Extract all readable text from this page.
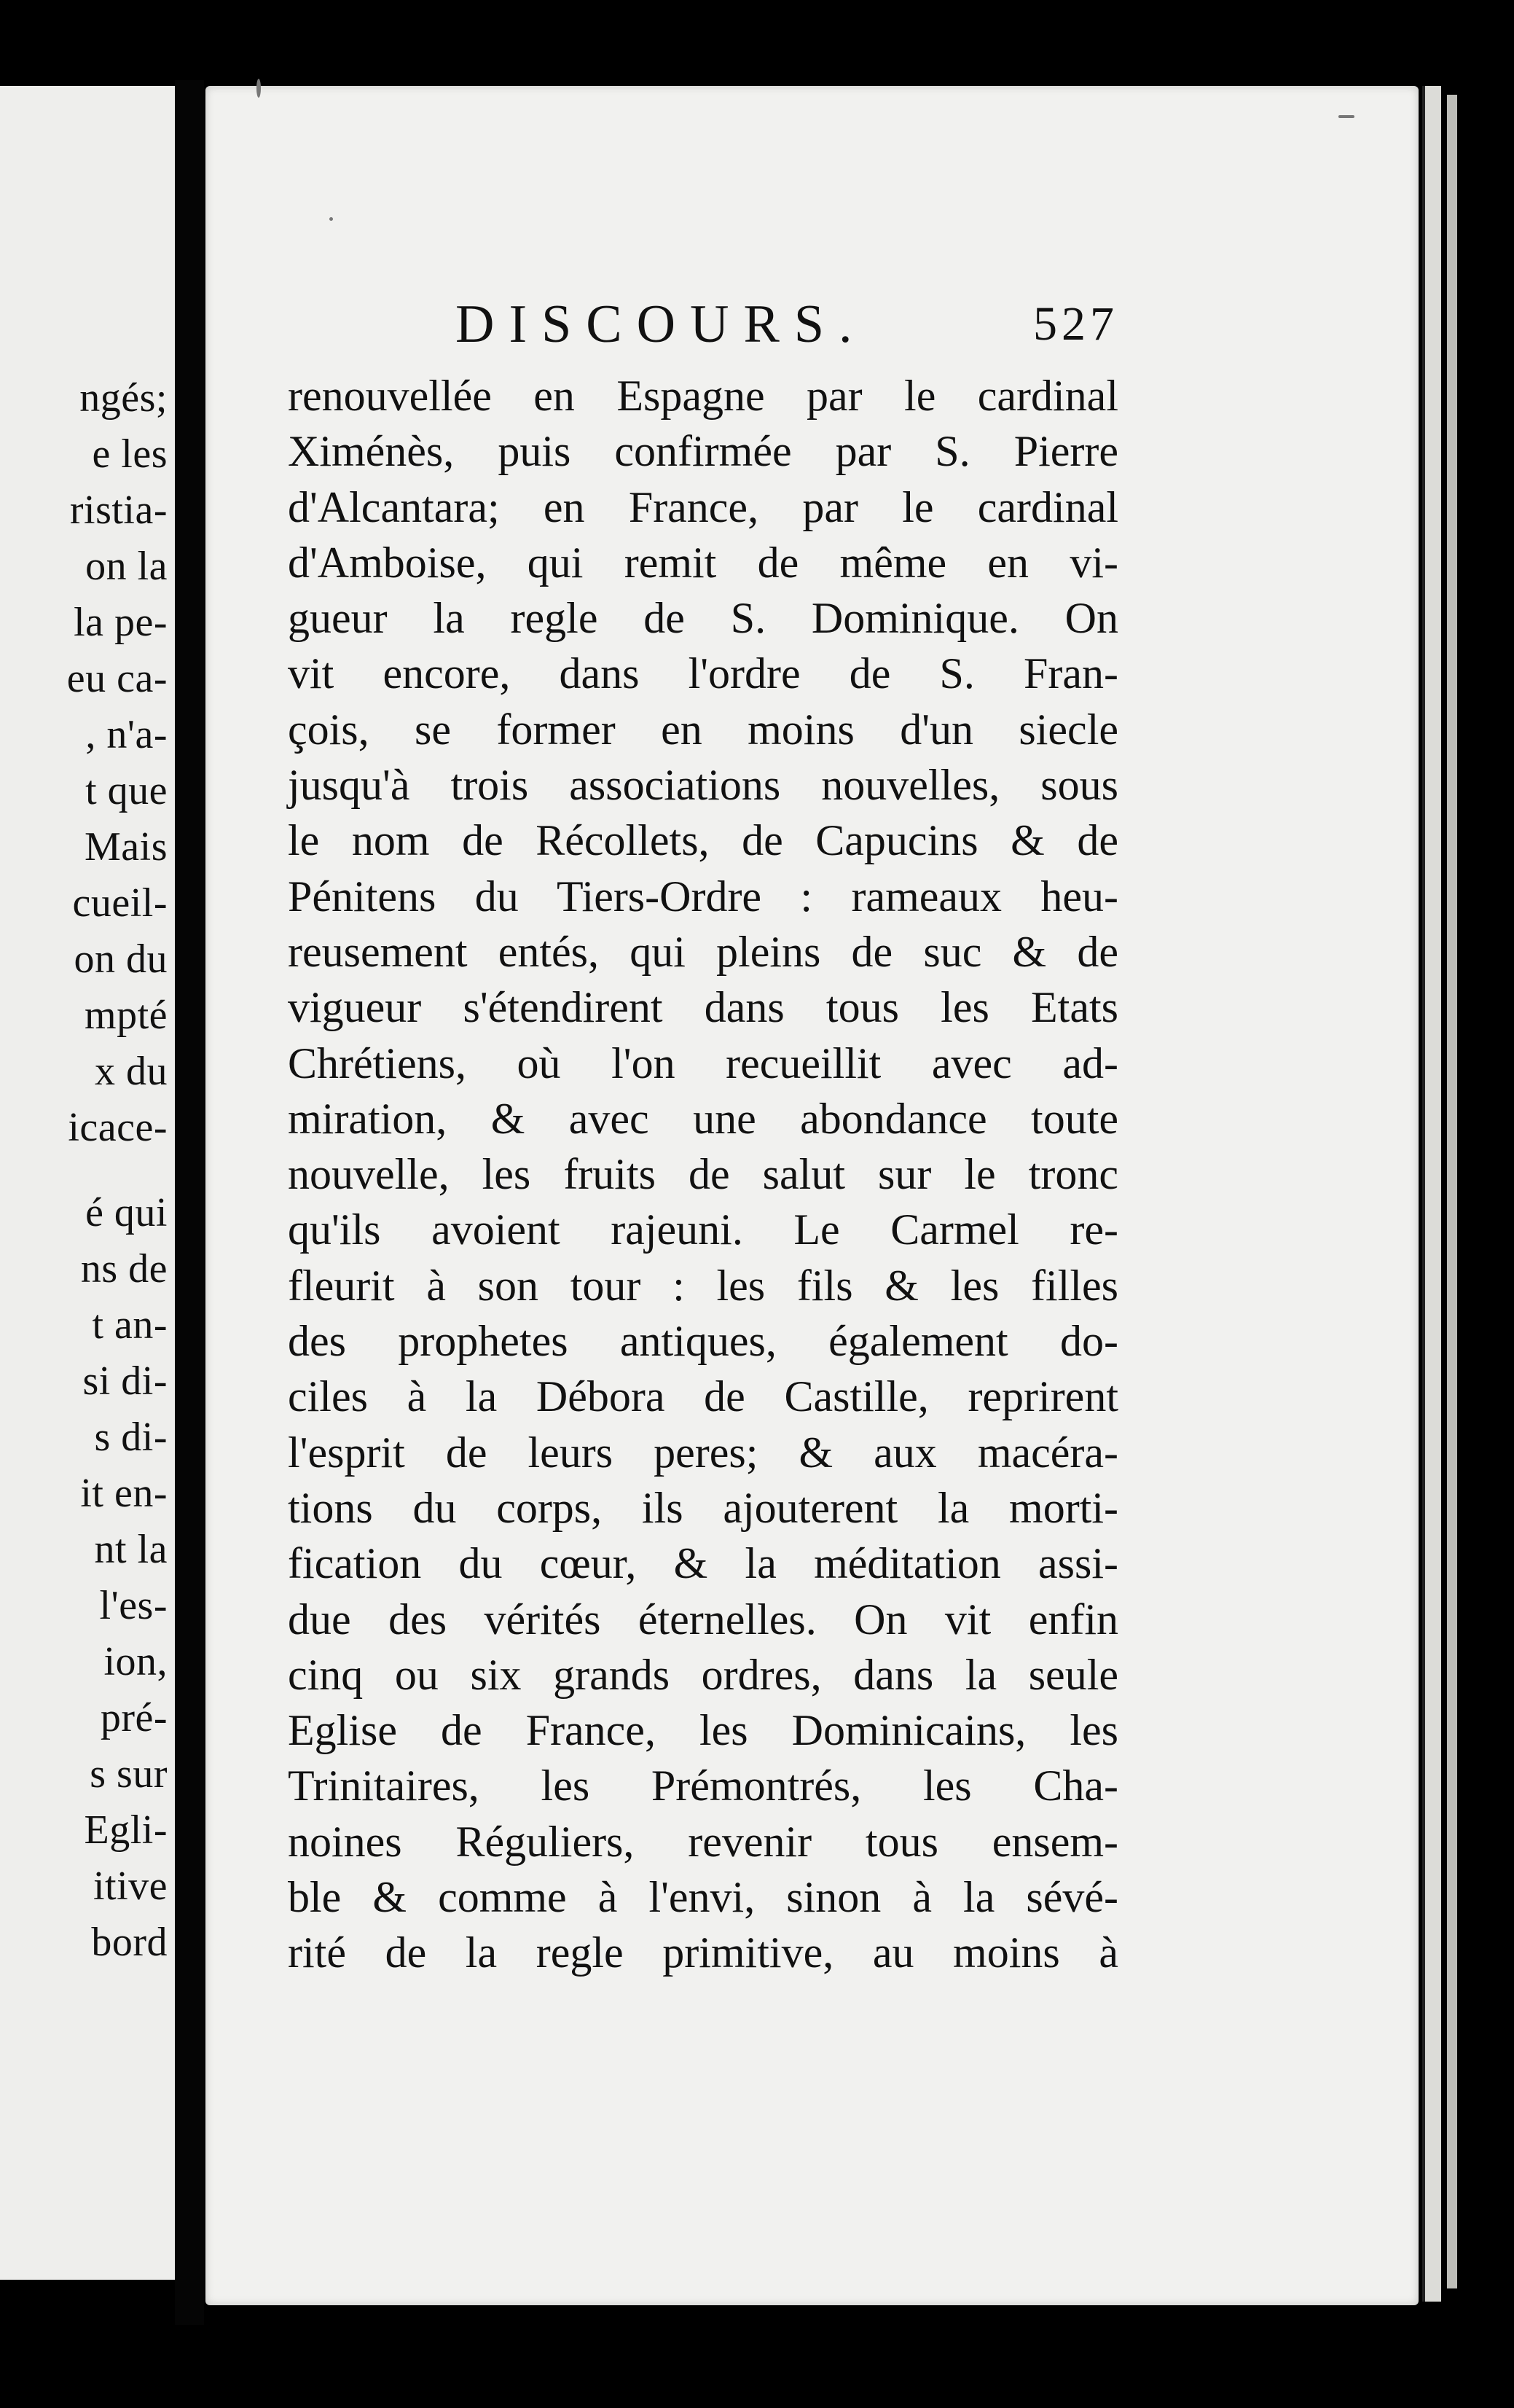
ngés;
e les
ristia-
on la
la pe-
eu ca-
, n'a-
t que
Mais
cueil-
on du
mpté
x du
icace-
é qui
ns de
t an-
si di-
s di-
it en-
nt la
l'es-
ion,
pré-
s sur
Egli-
itive
bord
DISCOURS.	527
renouvellée en Espagne par le cardinal
Ximénès, puis confirmée par S. Pierre
d'Alcantara; en France, par le cardinal
d'Amboise, qui remit de même en vi-
gueur la regle de S. Dominique. On
vit encore, dans l'ordre de S. Fran-
çois, se former en moins d'un siecle
jusqu'à trois associations nouvelles, sous
le nom de Récollets, de Capucins & de
Pénitens du Tiers-Ordre : rameaux heu-
reusement entés, qui pleins de suc & de
vigueur s'étendirent dans tous les Etats
Chrétiens, où l'on recueillit avec ad-
miration, & avec une abondance toute
nouvelle, les fruits de salut sur le tronc
qu'ils avoient rajeuni. Le Carmel re-
fleurit à son tour : les fils & les filles
des prophetes antiques, également do-
ciles à la Débora de Castille, reprirent
l'esprit de leurs peres; & aux macéra-
tions du corps, ils ajouterent la morti-
fication du cœur, & la méditation assi-
due des vérités éternelles. On vit enfin
cinq ou six grands ordres, dans la seule
Eglise de France, les Dominicains, les
Trinitaires, les Prémontrés, les Cha-
noines Réguliers, revenir tous ensem-
ble & comme à l'envi, sinon à la sévé-
rité de la regle primitive, au moins à
